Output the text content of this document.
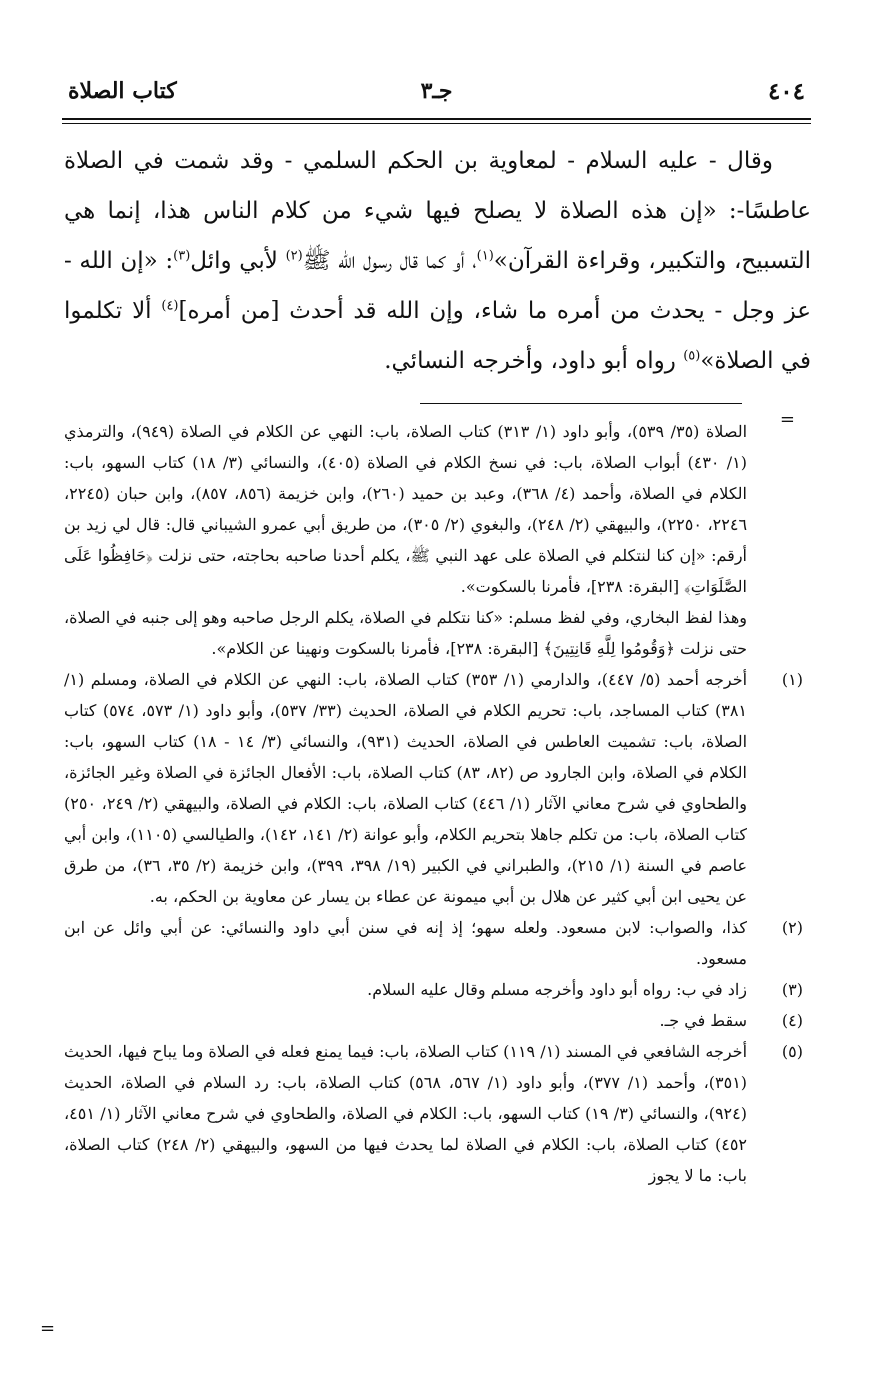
٤٠٤
جـ٣
كتاب الصلاة

وقال - عليه السلام - لمعاوية بن الحكم السلمي - وقد شمت في الصلاة عاطسًا-: «إن هذه الصلاة لا يصلح فيها شيء من كلام الناس هذا، إنما هي التسبيح، والتكبير، وقراءة القرآن»$^{(١)}$، أو كما قال رسول الله ﷺ$^{(٢)}$ لأبي وائل$^{(٣)}$: «إن الله - عز وجل - يحدث من أمره ما شاء، وإن الله قد أحدث [من أمره]$^{(٤)}$ ألا تكلموا في الصلاة»$^{(٥)}$ رواه أبو داود، وأخرجه النسائي.

=

الصلاة (٣٥/ ٥٣٩)، وأبو داود (١/ ٣١٣) كتاب الصلاة، باب: النهي عن الكلام في الصلاة (٩٤٩)، والترمذي (١/ ٤٣٠) أبواب الصلاة، باب: في نسخ الكلام في الصلاة (٤٠٥)، والنسائي (٣/ ١٨) كتاب السهو، باب: الكلام في الصلاة، وأحمد (٤/ ٣٦٨)، وعبد بن حميد (٢٦٠)، وابن خزيمة (٨٥٦، ٨٥٧)، وابن حبان (٢٢٤٥، ٢٢٤٦، ٢٢٥٠)، والبيهقي (٢/ ٢٤٨)، والبغوي (٢/ ٣٠٥)، من طريق أبي عمرو الشيباني قال: قال لي زيد بن أرقم: «إن كنا لنتكلم في الصلاة على عهد النبي ﷺ، يكلم أحدنا صاحبه بحاجته، حتى نزلت ﴿حَافِظُوا عَلَى الصَّلَوَاتِ﴾ [البقرة: ٢٣٨]، فأمرنا بالسكوت».

وهذا لفظ البخاري، وفي لفظ مسلم: «كنا نتكلم في الصلاة، يكلم الرجل صاحبه وهو إلى جنبه في الصلاة، حتى نزلت ﴿وَقُومُوا لِلَّهِ قَانِتِينَ﴾ [البقرة: ٢٣٨]، فأمرنا بالسكوت ونهينا عن الكلام».

(١)
أخرجه أحمد (٥/ ٤٤٧)، والدارمي (١/ ٣٥٣) كتاب الصلاة، باب: النهي عن الكلام في الصلاة، ومسلم (١/ ٣٨١) كتاب المساجد، باب: تحريم الكلام في الصلاة، الحديث (٣٣/ ٥٣٧)، وأبو داود (١/ ٥٧٣، ٥٧٤) كتاب الصلاة، باب: تشميت العاطس في الصلاة، الحديث (٩٣١)، والنسائي (٣/ ١٤ - ١٨) كتاب السهو، باب: الكلام في الصلاة، وابن الجارود ص (٨٢، ٨٣) كتاب الصلاة، باب: الأفعال الجائزة في الصلاة وغير الجائزة، والطحاوي في شرح معاني الآثار (١/ ٤٤٦) كتاب الصلاة، باب: الكلام في الصلاة، والبيهقي (٢/ ٢٤٩، ٢٥٠) كتاب الصلاة، باب: من تكلم جاهلا بتحريم الكلام، وأبو عوانة (٢/ ١٤١، ١٤٢)، والطيالسي (١١٠٥)، وابن أبي عاصم في السنة (١/ ٢١٥)، والطبراني في الكبير (١٩/ ٣٩٨، ٣٩٩)، وابن خزيمة (٢/ ٣٥، ٣٦)، من طرق عن يحيى ابن أبي كثير عن هلال بن أبي ميمونة عن عطاء بن يسار عن معاوية بن الحكم، به.
(٢)
كذا، والصواب: لابن مسعود. ولعله سهو؛ إذ إنه في سنن أبي داود والنسائي: عن أبي وائل عن ابن مسعود.
(٣)
زاد في ب: رواه أبو داود وأخرجه مسلم وقال عليه السلام.
(٤)
سقط في جـ.
(٥)
أخرجه الشافعي في المسند (١/ ١١٩) كتاب الصلاة، باب: فيما يمنع فعله في الصلاة وما يباح فيها، الحديث (٣٥١)، وأحمد (١/ ٣٧٧)، وأبو داود (١/ ٥٦٧، ٥٦٨) كتاب الصلاة، باب: رد السلام في الصلاة، الحديث (٩٢٤)، والنسائي (٣/ ١٩) كتاب السهو، باب: الكلام في الصلاة، والطحاوي في شرح معاني الآثار (١/ ٤٥١، ٤٥٢) كتاب الصلاة، باب: الكلام في الصلاة لما يحدث فيها من السهو، والبيهقي (٢/ ٢٤٨) كتاب الصلاة، باب: ما لا يجوز
=
